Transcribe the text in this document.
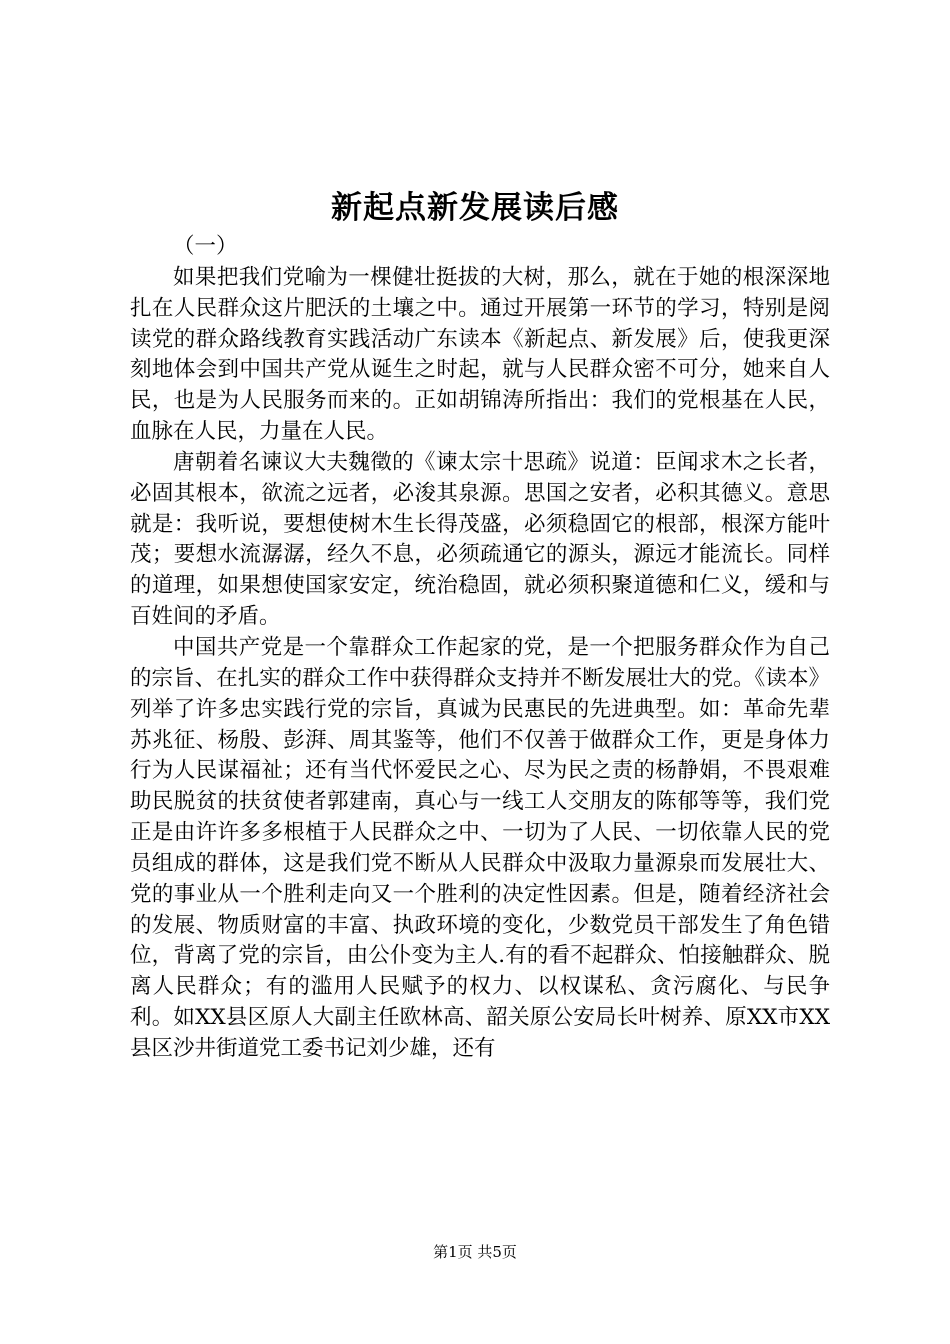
新起点新发展读后感

（一）

如果把我们党喻为一棵健壮挺拔的大树，那么，就在于她的根深深地扎在人民群众这片肥沃的土壤之中。通过开展第一环节的学习，特别是阅读党的群众路线教育实践活动广东读本《新起点、新发展》后，使我更深刻地体会到中国共产党从诞生之时起，就与人民群众密不可分，她来自人民，也是为人民服务而来的。正如胡锦涛所指出：我们的党根基在人民，血脉在人民，力量在人民。

唐朝着名谏议大夫魏徵的《谏太宗十思疏》说道：臣闻求木之长者，必固其根本，欲流之远者，必浚其泉源。思国之安者，必积其德义。意思就是：我听说，要想使树木生长得茂盛，必须稳固它的根部，根深方能叶茂；要想水流潺潺，经久不息，必须疏通它的源头，源远才能流长。同样的道理，如果想使国家安定，统治稳固，就必须积聚道德和仁义，缓和与百姓间的矛盾。

中国共产党是一个靠群众工作起家的党，是一个把服务群众作为自己的宗旨、在扎实的群众工作中获得群众支持并不断发展壮大的党。《读本》列举了许多忠实践行党的宗旨，真诚为民惠民的先进典型。如：革命先辈苏兆征、杨殷、彭湃、周其鉴等，他们不仅善于做群众工作，更是身体力行为人民谋福祉；还有当代怀爱民之心、尽为民之责的杨静娟，不畏艰难助民脱贫的扶贫使者郭建南，真心与一线工人交朋友的陈郁等等，我们党正是由许许多多根植于人民群众之中、一切为了人民、一切依靠人民的党员组成的群体，这是我们党不断从人民群众中汲取力量源泉而发展壮大、党的事业从一个胜利走向又一个胜利的决定性因素。但是，随着经济社会的发展、物质财富的丰富、执政环境的变化，少数党员干部发生了角色错位，背离了党的宗旨，由公仆变为主人.有的看不起群众、怕接触群众、脱离人民群众；有的滥用人民赋予的权力、以权谋私、贪污腐化、与民争利。如XX县区原人大副主任欧林高、韶关原公安局长叶树养、原XX市XX县区沙井街道党工委书记刘少雄，还有

第1页 共5页
